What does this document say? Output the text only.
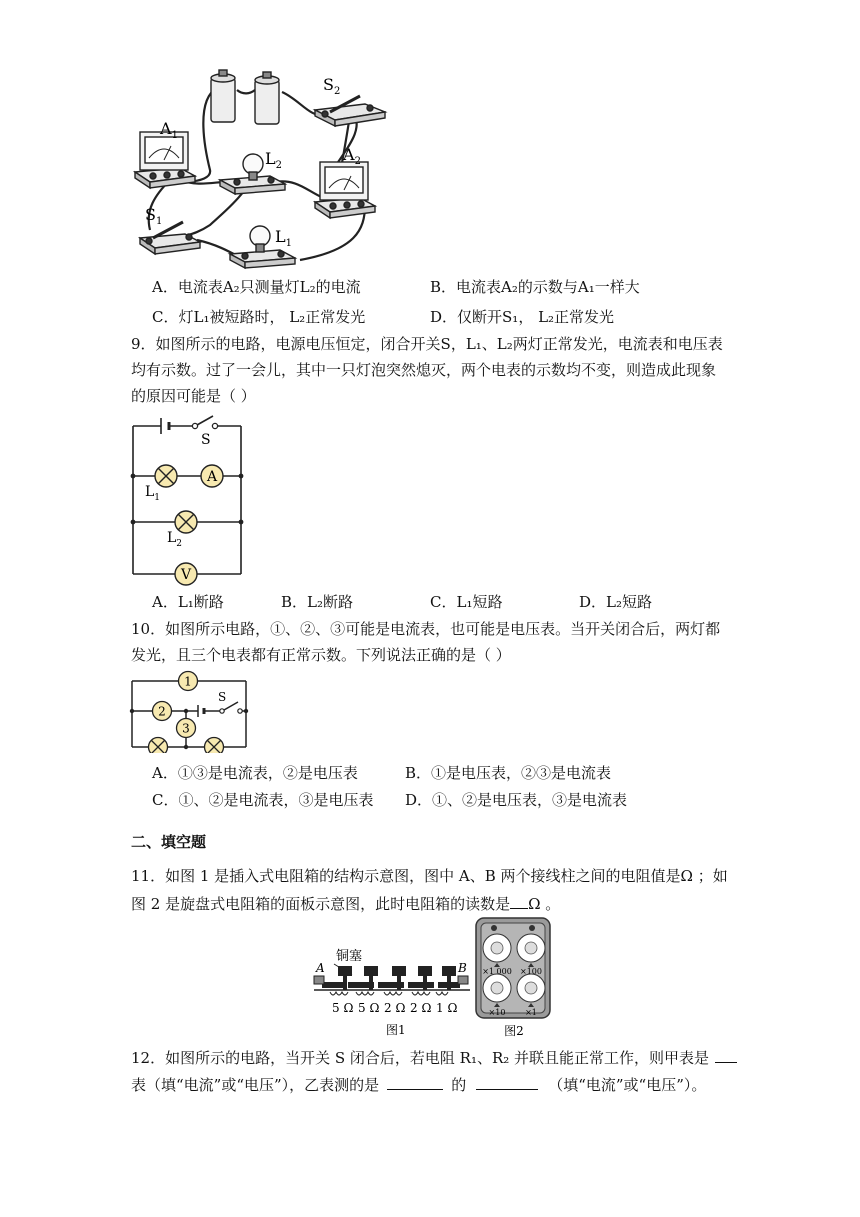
$S_2$
$A_1$
$L_2$
$A_2$
$S_1$
$L_1$
A．电流表A₂只测量灯L₂的电流	B．电流表A₂的示数与A₁一样大
C．灯L₁被短路时， L₂正常发光	D．仅断开S₁， L₂正常发光
9．如图所示的电路，电源电压恒定，闭合开关S，L₁、L₂两灯正常发光，电流表和电压表
均有示数。过了一会儿，其中一只灯泡突然熄灭，两个电表的示数均不变，则造成此现象
的原因可能是（ ）
A
V
S
$L_1$
$L_2$
A．L₁断路	B．L₂断路	C．L₁短路	D．L₂短路
10．如图所示电路，①、②、③可能是电流表，也可能是电压表。当开关闭合后，两灯都
发光，且三个电表都有正常示数。下列说法正确的是（ ）
1
2
3
S
A．①③是电流表，②是电压表	B．①是电压表，②③是电流表
C．①、②是电流表，③是电压表 D．①、②是电压表，③是电流表
二、填空题
11．如图 1 是插入式电阻箱的结构示意图，图中 A、B 两个接线柱之间的电阻值是Ω ；如
图 2 是旋盘式电阻箱的面板示意图，此时电阻箱的读数是 Ω 。
铜塞
A	B
5 Ω 5 Ω 2 Ω 2 Ω 1 Ω
图1
×1 000 ×100
×10 ×1
图2
12．如图所示的电路，当开关 S 闭合后，若电阻 R₁、R₂ 并联且能正常工作，则甲表是
表（填“电流”或“电压”），乙表测的是	的	（填“电流”或“电压”）。
